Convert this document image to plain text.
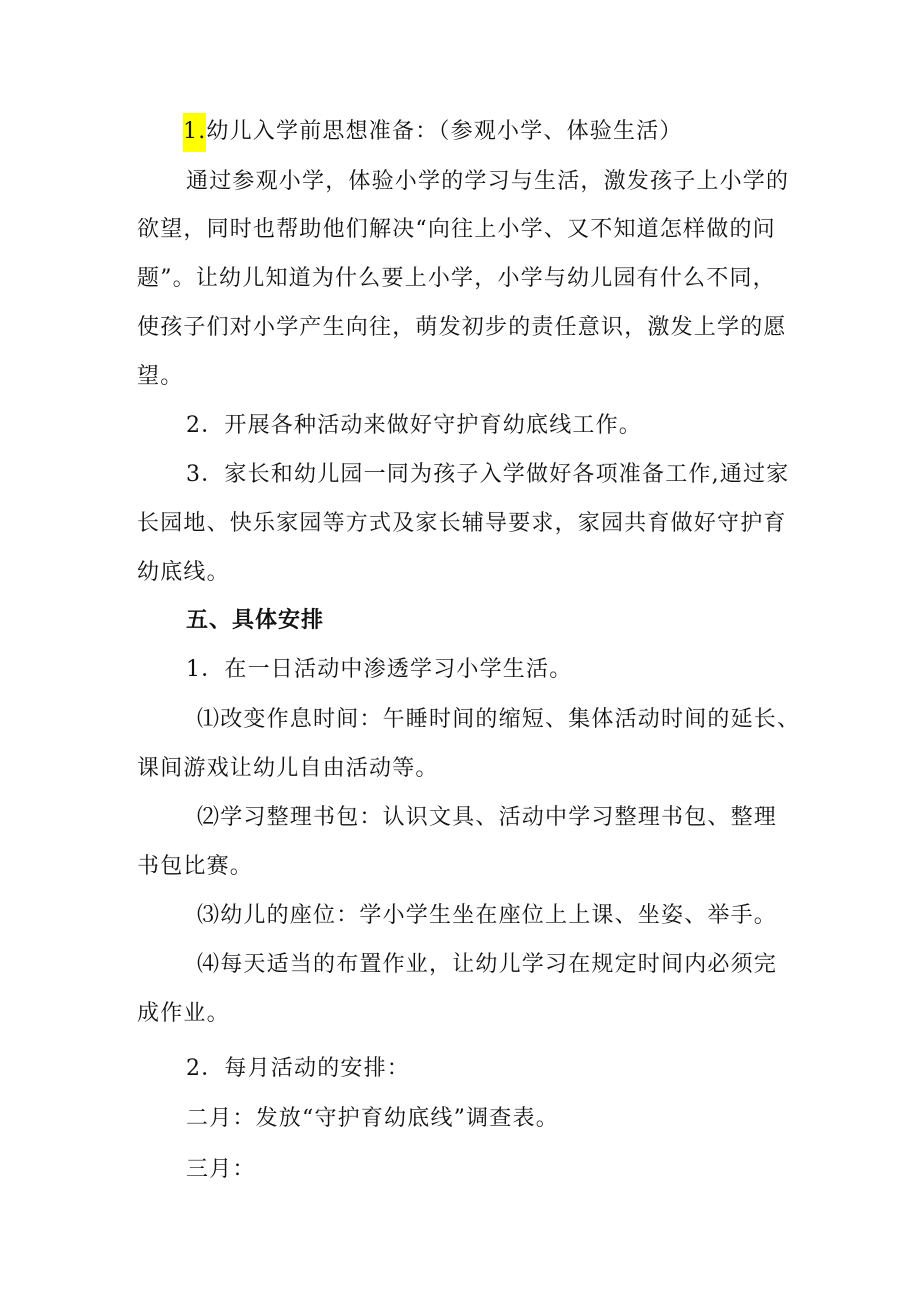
1.幼儿入学前思想准备：（参观小学、体验生活）
通过参观小学，体验小学的学习与生活，激发孩子上小学的
欲望，同时也帮助他们解决“向往上小学、又不知道怎样做的问
题”。让幼儿知道为什么要上小学，小学与幼儿园有什么不同，
使孩子们对小学产生向往，萌发初步的责任意识，激发上学的愿
望。
2．开展各种活动来做好守护育幼底线工作。
3．家长和幼儿园一同为孩子入学做好各项准备工作,通过家
长园地、快乐家园等方式及家长辅导要求，家园共育做好守护育
幼底线。
五、具体安排
1．在一日活动中渗透学习小学生活。
⑴改变作息时间：午睡时间的缩短、集体活动时间的延长、
课间游戏让幼儿自由活动等。
⑵学习整理书包：认识文具、活动中学习整理书包、整理
书包比赛。
⑶幼儿的座位：学小学生坐在座位上上课、坐姿、举手。
⑷每天适当的布置作业，让幼儿学习在规定时间内必须完
成作业。
2．每月活动的安排：
二月：发放“守护育幼底线”调查表。
三月：
